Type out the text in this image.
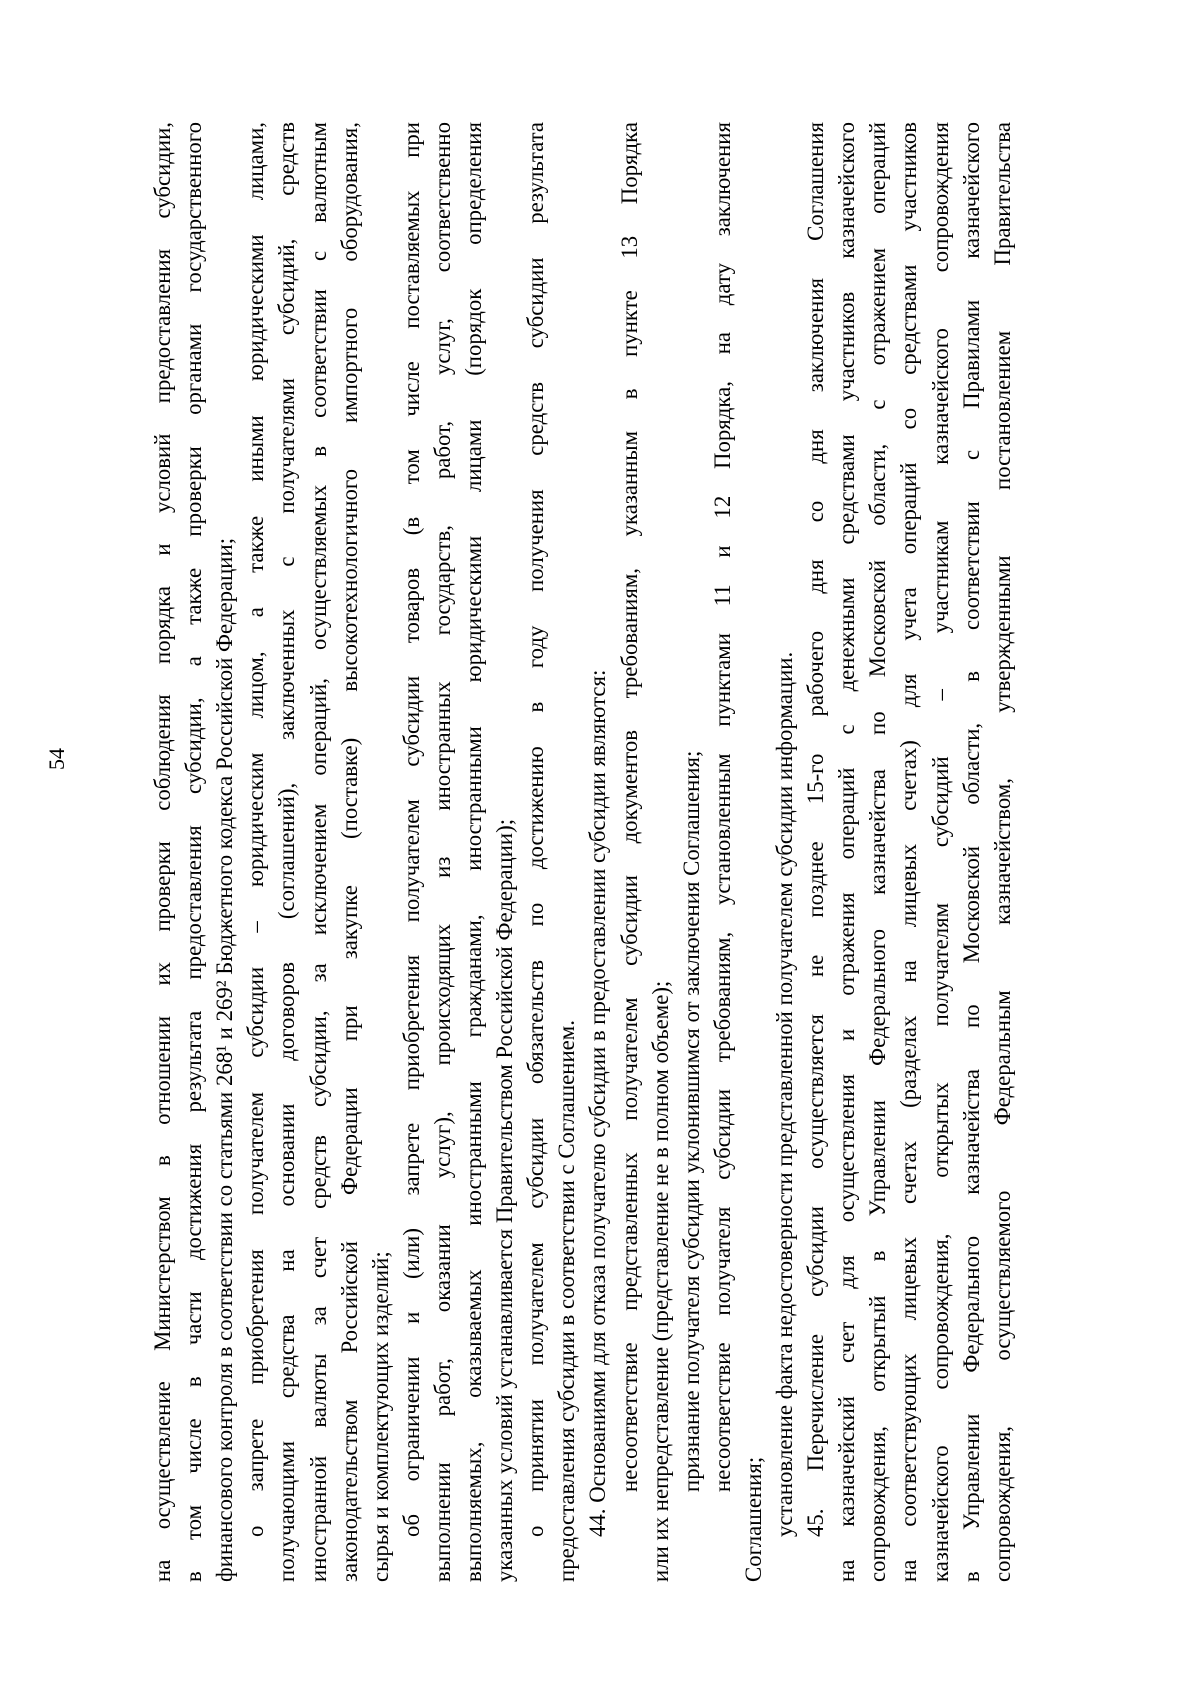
54	на осуществление Министерством в отношении их проверки соблюдения порядка и условий предоставления субсидии, в том числе в части достижения результата предоставления субсидии, а также проверки органами государственного финансового контроля в соответствии со статьями 268¹ и 269² Бюджетного кодекса Российской Федерации; о запрете приобретения получателем субсидии – юридическим лицом, а также иными юридическими лицами, получающими средства на основании договоров (соглашений), заключенных с получателями субсидий, средств иностранной валюты за счет средств субсидии, за исключением операций, осуществляемых в соответствии с валютным законодательством Российской Федерации при закупке (поставке) высокотехнологичного импортного оборудования, сырья и комплектующих изделий; об ограничении и (или) запрете приобретения получателем субсидии товаров (в том числе поставляемых при выполнении работ, оказании услуг), происходящих из иностранных государств, работ, услуг, соответственно выполняемых, оказываемых иностранными гражданами, иностранными юридическими лицами (порядок определения указанных условий устанавливается Правительством Российской Федерации); о принятии получателем субсидии обязательств по достижению в году получения средств субсидии результата предоставления субсидии в соответствии с Соглашением. 44. Основаниями для отказа получателю субсидии в предоставлении субсидии являются: несоответствие представленных получателем субсидии документов требованиям, указанным в пункте 13 Порядка или их непредставление (представление не в полном объеме); признание получателя субсидии уклонившимся от заключения Соглашения; несоответствие получателя субсидии требованиям, установленным пунктами 11 и 12 Порядка, на дату заключения
Соглашения; установление факта недостоверности представленной получателем субсидии информации. 45. Перечисление субсидии осуществляется не позднее 15-го рабочего дня со дня заключения Соглашения на казначейский счет для осуществления и отражения операций с денежными средствами участников казначейского сопровождения, открытый в Управлении Федерального казначейства по Московской области, с отражением операций на соответствующих лицевых счетах (разделах на лицевых счетах) для учета операций со средствами участников казначейского сопровождения, открытых получателям субсидий – участникам казначейского сопровождения в Управлении Федерального казначейства по Московской области, в соответствии с Правилами казначейского сопровождения, осуществляемого Федеральным казначейством, утвержденными постановлением Правительства
